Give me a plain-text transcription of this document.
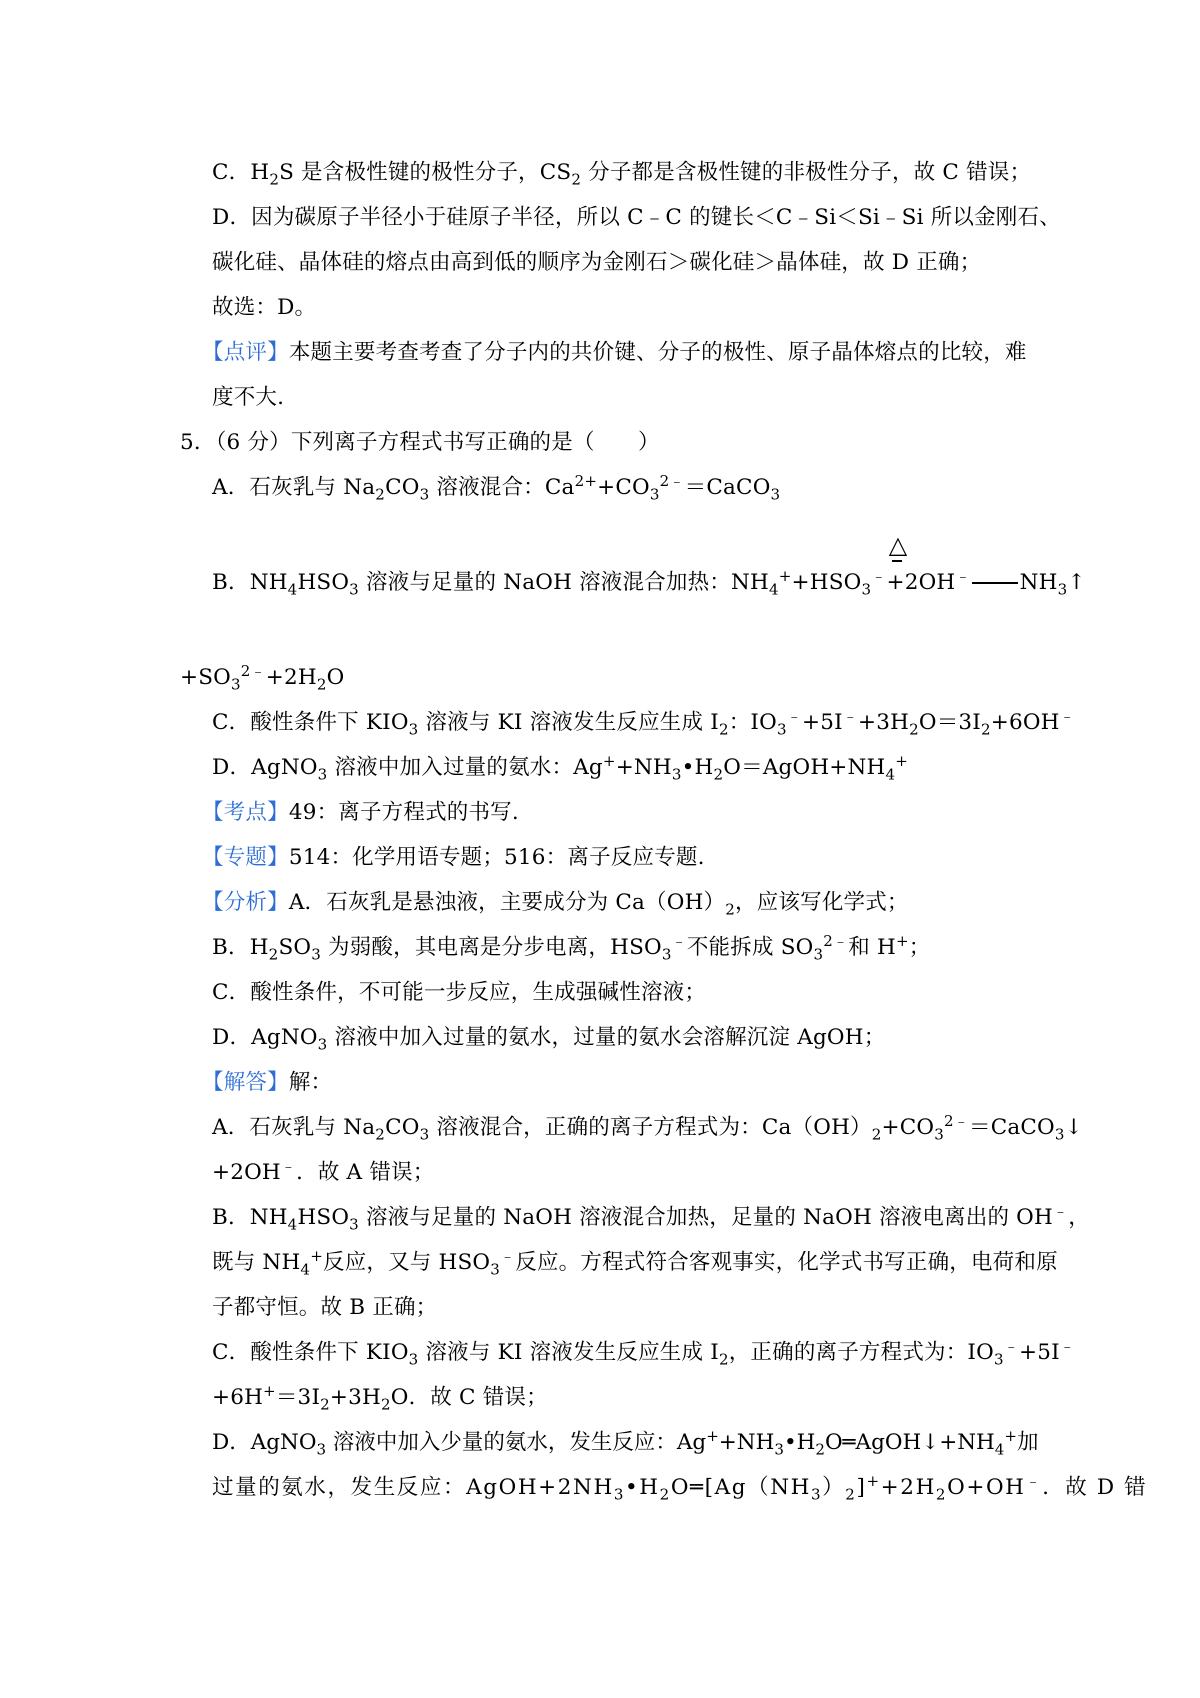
C．$H_2S$ 是含极性键的极性分子，$CS_2$ 分子都是含极性键的非极性分子，故 C 错误；
D．因为碳原子半径小于硅原子半径，所以 C﹣C 的键长＜C﹣Si＜Si﹣Si 所以金刚石、
碳化硅、晶体硅的熔点由高到低的顺序为金刚石＞碳化硅＞晶体硅，故 D 正确；
故选：D。
【点评】本题主要考查考查了分子内的共价键、分子的极性、原子晶体熔点的比较，难
度不大.
5．（6 分）下列离子方程式书写正确的是（　　）
A．石灰乳与 $Na_2CO_3$ 溶液混合：$Ca^{2+}+CO_3^{2﹣}=CaCO_3$
△
B．$NH_4HSO_3$ 溶液与足量的 NaOH 溶液混合加热：$NH_4^++HSO_3^﹣+2OH^﹣$ $NH_3↑$
$+SO_3^{2﹣}+2H_2O$
C．酸性条件下 $KIO_3$ 溶液与 KI 溶液发生反应生成 $I_2$：$IO_3^﹣+5I^﹣+3H_2O=3I_2+6OH^﹣$
D．AgNO$_3$ 溶液中加入过量的氨水：$Ag^++NH_3•H_2O=AgOH+NH_4^+$
【考点】49：离子方程式的书写.
【专题】514：化学用语专题；516：离子反应专题.
【分析】A．石灰乳是悬浊液，主要成分为 $Ca(OH)_2$，应该写化学式；
B．$H_2SO_3$ 为弱酸，其电离是分步电离，$HSO_3^﹣$不能拆成 $SO_3^{2﹣}$和 H+；
C．酸性条件，不可能一步反应，生成强碱性溶液；
D．AgNO$_3$ 溶液中加入过量的氨水，过量的氨水会溶解沉淀 AgOH；
【解答】解：
A．石灰乳与 $Na_2CO_3$ 溶液混合，正确的离子方程式为：$Ca(OH)_2+CO_3^{2﹣}=CaCO_3↓$
+2OH﹣．故 A 错误；
B．$NH_4HSO_3$ 溶液与足量的 NaOH 溶液混合加热，足量的 NaOH 溶液电离出的 OH﹣，
既与 $NH_4^+$反应，又与 $HSO_3^﹣$反应。方程式符合客观事实，化学式书写正确，电荷和原
子都守恒。故 B 正确；
C．酸性条件下 $KIO_3$ 溶液与 KI 溶液发生反应生成 $I_2$，正确的离子方程式为：$IO_3^﹣+5I^﹣$
$+6H^+=3I_2+3H_2O$．故 C 错误；
D．AgNO$_3$ 溶液中加入少量的氨水，发生反应：$Ag^++NH_3•H_2O═AgOH↓+NH_4^+$ 加
过量的氨水，发生反应：$AgOH+2NH_3•H_2O═[Ag(NH_3)_2]^++2H_2O+OH^﹣$．故 D 错
